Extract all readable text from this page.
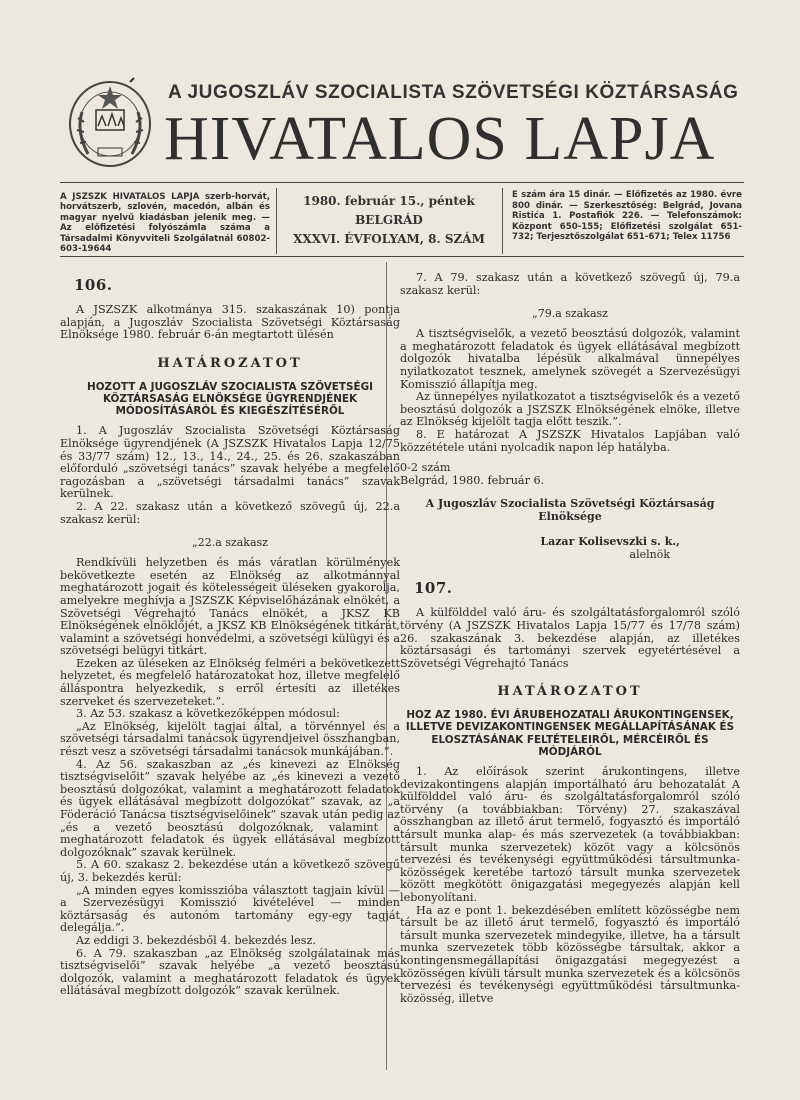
A JUGOSZLÁV SZOCIALISTA SZÖVETSÉGI KÖZTÁRSASÁG
HIVATALOS LAPJA
A JSZSZK HIVATALOS LAPJA szerb-horvát, horvátszerb, szlovén, macedón, albán és magyar nyelvű kiadásban jelenik meg. — Az előfizetési folyószámla száma a Társadalmi Könyvviteli Szolgálatnál 60802-603-19644
1980. február 15., péntek
BELGRÁD
XXXVI. ÉVFOLYAM, 8. SZÁM
E szám ára 15 dinár. — Előfizetés az 1980. évre 800 dinár. — Szerkesztőség: Belgrád, Jovana Ristića 1. Postafiók 226. — Telefonszámok: Központ 650-155; Előfizetési szolgálat 651-732; Terjesztőszolgálat 651-671; Telex 11756
106.

A JSZSZK alkotmánya 315. szakaszának 10) pontja alapján, a Jugoszláv Szocialista Szövetségi Köztársaság Elnöksége 1980. február 6-án megtartott ülésén

HATÁROZATOT
HOZOTT A JUGOSZLÁV SZOCIALISTA SZÖVETSÉGI KÖZTÁRSASÁG ELNÖKSÉGE ÜGYRENDJÉNEK MÓDOSÍTÁSÁRÓL ÉS KIEGÉSZÍTÉSÉRŐL

1. A Jugoszláv Szocialista Szövetségi Köztársaság Elnöksége ügyrendjének (A JSZSZK Hivatalos Lapja 12/75 és 33/77 szám) 12., 13., 14., 24., 25. és 26. szakaszában előforduló „szövetségi tanács” szavak helyébe a megfelelő ragozásban a „szövetségi társadalmi tanács” szavak kerülnek.

2. A 22. szakasz után a következő szövegű új, 22.a szakasz kerül:

„22.a szakasz

Rendkívüli helyzetben és más váratlan körülmények bekövetkezte esetén az Elnökség az alkotmánnyal meghatározott jogait és kötelességeit üléseken gyakorolja, amelyekre meghívja a JSZSZK Képviselőházának elnökét, a Szövetségi Végrehajtó Tanács elnökét, a JKSZ KB Elnökségének elnöklőjét, a JKSZ KB Elnökségének titkárát, valamint a szövetségi honvédelmi, a szövetségi külügyi és a szövetségi belügyi titkárt.

Ezeken az üléseken az Elnökség felméri a bekövetkezett helyzetet, és megfelelő határozatokat hoz, illetve megfelelő álláspontra helyezkedik, s erről értesíti az illetékes szerveket és szervezeteket.”.

3. Az 53. szakasz a következőképpen módosul:

„Az Elnökség, kijelölt tagjai által, a törvénnyel és a szövetségi társadalmi tanácsok ügyrendjeivel összhangban, részt vesz a szövetségi társadalmi tanácsok munkájában.”.

4. Az 56. szakaszban az „és kinevezi az Elnökség tisztségviselőit” szavak helyébe az „és kinevezi a vezető beosztású dolgozókat, valamint a meghatározott feladatok és ügyek ellátásával megbízott dolgozókat” szavak, az „a Föderáció Tanácsa tisztségviselőinek” szavak után pedig az „és a vezető beosztású dolgozóknak, valamint a meghatározott feladatok és ügyek ellátásával megbízott dolgozóknak” szavak kerülnek.

5. A 60. szakasz 2. bekezdése után a következő szövegű új, 3. bekezdés kerül:

„A minden egyes komisszióba választott tagjain kívül — a Szervezésügyi Komisszió kivételével — minden köztársaság és autonóm tartomány egy-egy tagját delegálja.”.

Az eddigi 3. bekezdésből 4. bekezdés lesz.

6. A 79. szakaszban „az Elnökség szolgálatainak más tisztségviselői” szavak helyébe „a vezető beosztású dolgozók, valamint a meghatározott feladatok és ügyek ellátásával megbízott dolgozók” szavak kerülnek.

7. A 79. szakasz után a következő szövegű új, 79.a szakasz kerül:

„79.a szakasz

A tisztségviselők, a vezető beosztású dolgozók, valamint a meghatározott feladatok és ügyek ellátásával megbízott dolgozók hivatalba lépésük alkalmával ünnepélyes nyilatkozatot tesznek, amelynek szövegét a Szervezésügyi Komisszió állapítja meg.

Az ünnepélyes nyilatkozatot a tisztségviselők és a vezető beosztású dolgozók a JSZSZK Elnökségének elnöke, illetve az Elnökség kijelölt tagja előtt teszik.”.

8. E határozat A JSZSZK Hivatalos Lapjában való közzététele utáni nyolcadik napon lép hatályba.

0-2 szám

Belgrád, 1980. február 6.

A Jugoszláv Szocialista Szövetségi Köztársaság Elnöksége
Lazar Kolisevszki s. k.,
alelnök
107.

A külfölddel való áru- és szolgáltatásforgalomról szóló törvény (A JSZSZK Hivatalos Lapja 15/77 és 17/78 szám) 26. szakaszának 3. bekezdése alapján, az illetékes köztársasági és tartományi szervek egyetértésével a Szövetségi Végrehajtó Tanács

HATÁROZATOT
HOZ AZ 1980. ÉVI ÁRUBEHOZATALI ÁRUKONTINGENSEK, ILLETVE DEVIZAKONTINGENSEK MEGÁLLAPÍTÁSÁNAK ÉS ELOSZTÁSÁNAK FELTÉTELEIRŐL, MÉRCÉIRŐL ÉS MÓDJÁRÓL

1. Az előírások szerint árukontingens, illetve devizakontingens alapján importálható áru behozatalát A külfölddel való áru- és szolgáltatásforgalomról szóló törvény (a továbbiakban: Törvény) 27. szakaszával összhangban az illető árut termelő, fogyasztó és importáló társult munka alap- és más szervezetek (a továbbiakban: társult munka szervezetek) közöt vagy a kölcsönös tervezési és tevékenységi együttműködési társultmunka-közösségek keretébe tartozó társult munka szervezetek között megkötött önigazgatási megegyezés alapján kell lebonyolítani.

Ha az e pont 1. bekezdésében említett közösségbe nem társult be az illető árut termelő, fogyasztó és importáló társult munka szervezetek mindegyike, illetve, ha a társult munka szervezetek több közösségbe társultak, akkor a kontingensmegállapítási önigazgatási megegyezést a közösségen kívüli társult munka szervezetek és a kölcsönös tervezési és tevékenységi együttműködési társultmunka-közösség, illetve
